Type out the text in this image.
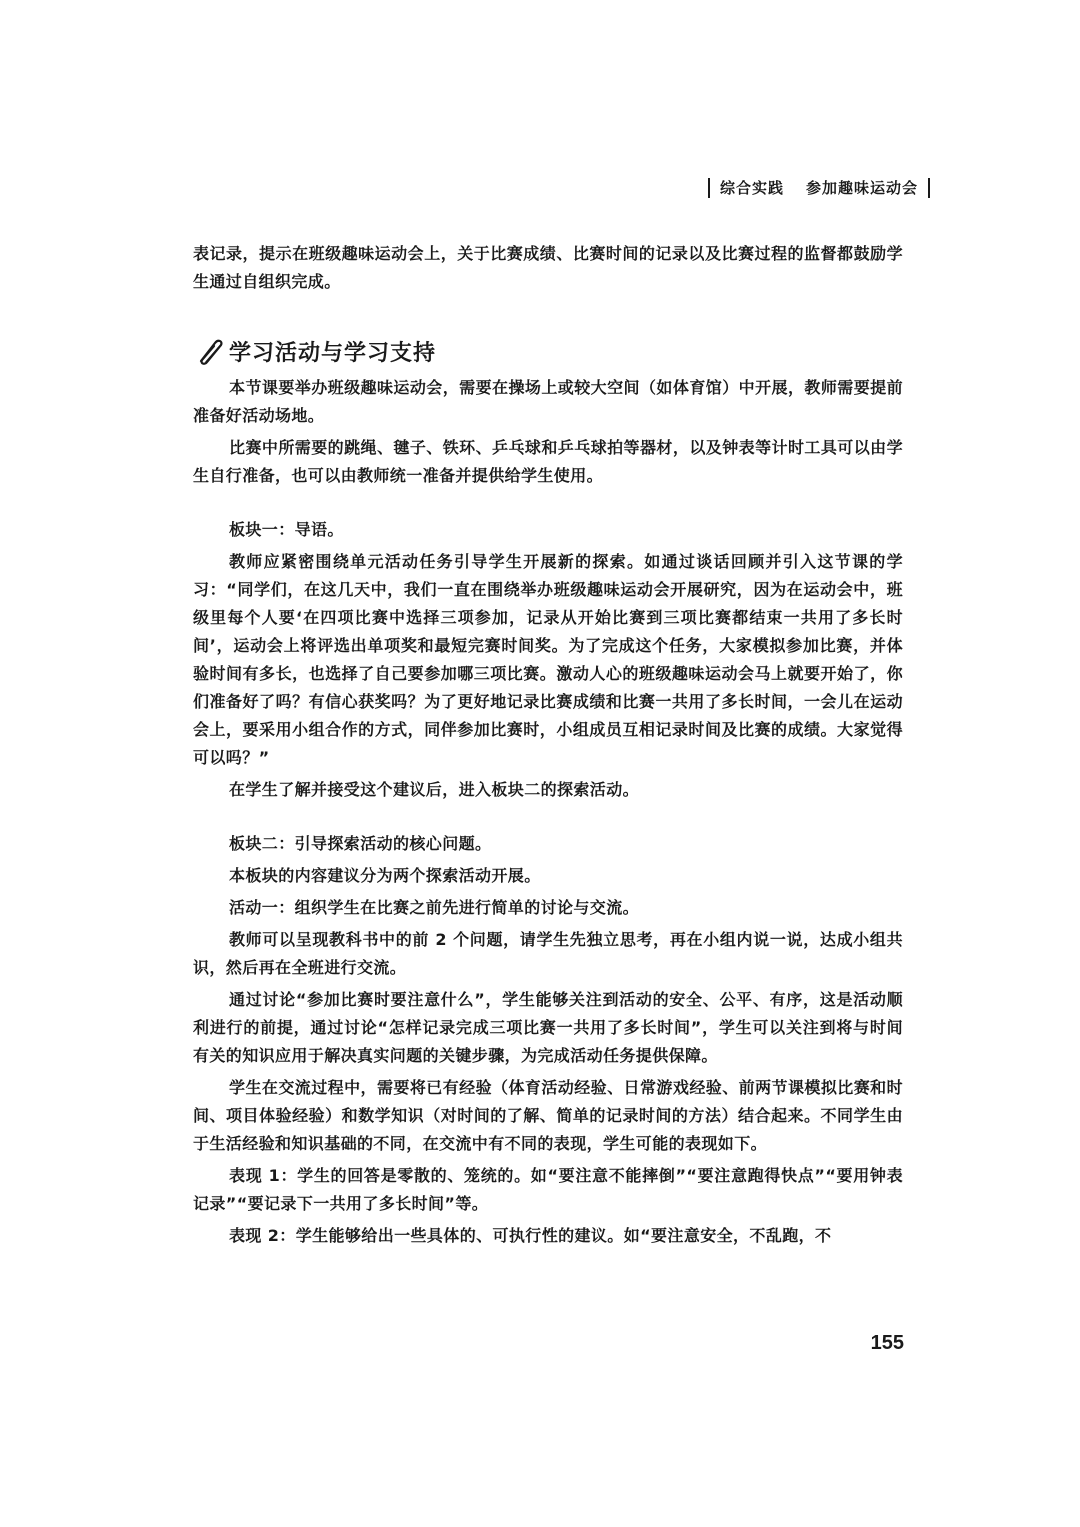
综合实践 参加趣味运动会

表记录，提示在班级趣味运动会上，关于比赛成绩、比赛时间的记录以及比赛过程的监督都鼓励学生通过自组织完成。

学习活动与学习支持

本节课要举办班级趣味运动会，需要在操场上或较大空间（如体育馆）中开展，教师需要提前准备好活动场地。

比赛中所需要的跳绳、毽子、铁环、乒乓球和乒乓球拍等器材，以及钟表等计时工具可以由学生自行准备，也可以由教师统一准备并提供给学生使用。

板块一：导语。

教师应紧密围绕单元活动任务引导学生开展新的探索。如通过谈话回顾并引入这节课的学习：“同学们，在这几天中，我们一直在围绕举办班级趣味运动会开展研究，因为在运动会中，班级里每个人要‘在四项比赛中选择三项参加，记录从开始比赛到三项比赛都结束一共用了多长时间’，运动会上将评选出单项奖和最短完赛时间奖。为了完成这个任务，大家模拟参加比赛，并体验时间有多长，也选择了自己要参加哪三项比赛。激动人心的班级趣味运动会马上就要开始了，你们准备好了吗？有信心获奖吗？为了更好地记录比赛成绩和比赛一共用了多长时间，一会儿在运动会上，要采用小组合作的方式，同伴参加比赛时，小组成员互相记录时间及比赛的成绩。大家觉得可以吗？”

在学生了解并接受这个建议后，进入板块二的探索活动。

板块二：引导探索活动的核心问题。

本板块的内容建议分为两个探索活动开展。

活动一：组织学生在比赛之前先进行简单的讨论与交流。

教师可以呈现教科书中的前 2 个问题，请学生先独立思考，再在小组内说一说，达成小组共识，然后再在全班进行交流。

通过讨论“参加比赛时要注意什么”，学生能够关注到活动的安全、公平、有序，这是活动顺利进行的前提，通过讨论“怎样记录完成三项比赛一共用了多长时间”，学生可以关注到将与时间有关的知识应用于解决真实问题的关键步骤，为完成活动任务提供保障。

学生在交流过程中，需要将已有经验（体育活动经验、日常游戏经验、前两节课模拟比赛和时间、项目体验经验）和数学知识（对时间的了解、简单的记录时间的方法）结合起来。不同学生由于生活经验和知识基础的不同，在交流中有不同的表现，学生可能的表现如下。

表现 1：学生的回答是零散的、笼统的。如“要注意不能摔倒”“要注意跑得快点”“要用钟表记录”“要记录下一共用了多长时间”等。

表现 2：学生能够给出一些具体的、可执行性的建议。如“要注意安全，不乱跑，不

155
